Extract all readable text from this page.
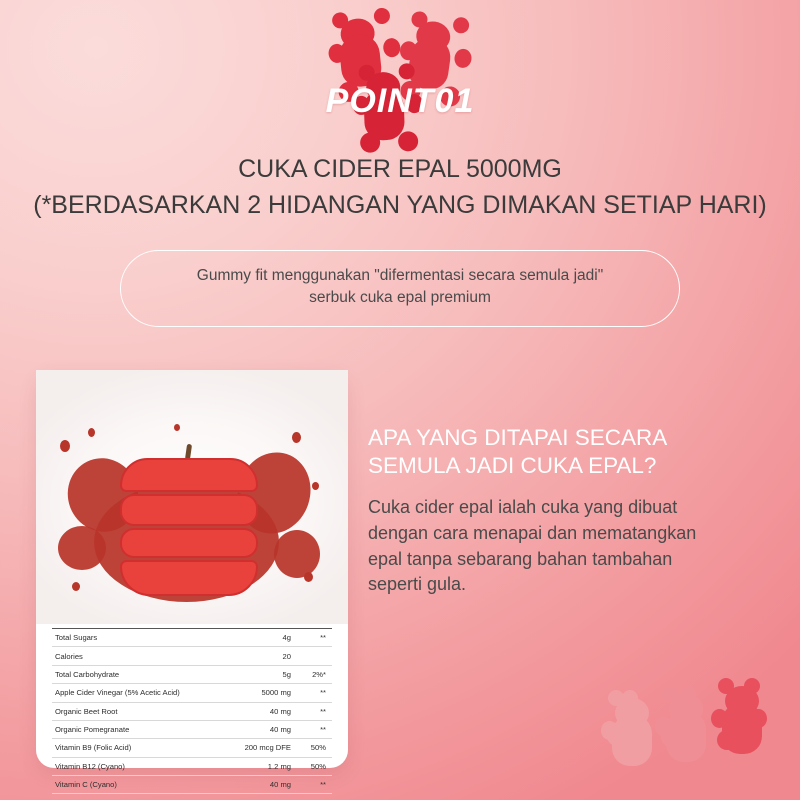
POINT01
CUKA CIDER EPAL 5000MG
(*BERDASARKAN 2 HIDANGAN YANG DIMAKAN SETIAP HARI)
Gummy fit menggunakan "difermentasi secara semula jadi"
serbuk cuka epal premium
Total Sugars	4g	**
Calories	20	
Total Carbohydrate	5g	2%*
Apple Cider Vinegar (5% Acetic Acid)	5000 mg	**
Organic Beet Root	40 mg	**
Organic Pomegranate	40 mg	**
Vitamin B9 (Folic Acid)	200 mcg DFE	50%
Vitamin B12 (Cyano)	1.2 mg	50%
Vitamin C (Cyano)	40 mg	**
APA YANG DITAPAI SECARA
SEMULA JADI CUKA EPAL?
Cuka cider epal ialah cuka yang dibuat
dengan cara menapai dan mematangkan
epal tanpa sebarang bahan tambahan
seperti gula.
